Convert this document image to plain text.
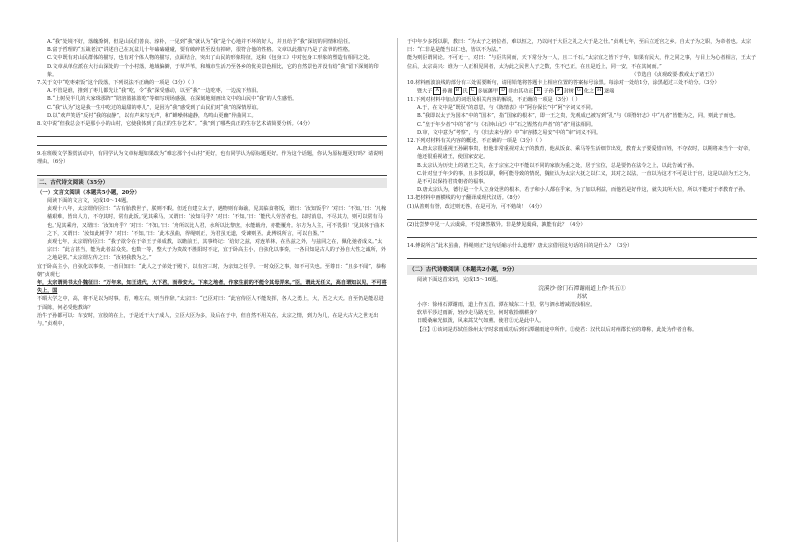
A.“我”处境不好，落魄潦倒，但是山民们善良、淳朴，一见到“我”就认为“我”是个心地并不坏的好人，并且给予“我”深切的同情和信任。

B.富于哲理的“五箴老汉”讲述自己在瓦盆儿十年磕磕碰碰，要有破碎甚至没有掉碎，很符合他的性格。文章以此描写乃是了盆爷的性格。

C.文中既有对山民群体的描写，也有对个体人物的描写，点面结合，突出了山民的形象特征，这和《包身工》中对包身工形象的塑造有相同之处。

D.文章从单位派在大行山深处的一个小村落，地域偏僻，于草芦苇，和城市生活乃至各乡的优美景色相比，它的自然景色并没有给“我”留下深刻的印象。

7.关于文中“吃枣索饭”这个段落，下列说法不正确的一项是（3分）（ ）

A.不管是谁，推到了枣儿都先让“我”吃，令“我”深受感动，以至“我”一边吃枣，一边流下热泪。

B.“上树吴半几的大家珠那阵”“陪溶篮拣篮吃”等细写现场感强，在深刻地刻画出文中的山民中“我”的人生感悟。

C.“我”认为“这是我一生中吃过的最甜的枣儿”，是因为“我”感受到了山民们对“我”的深情厚谊。

D.以“欢声笑语”反衬“我的寂静”，以有声来写无声，和“蝉噪林逾静，鸟鸣山更幽”异曲同工。

8.文中说“但我总会不是那小小的山村，它使我体到了真正的生存艺术”。“我”到了哪些真正的生存艺术请简要分析。（4分）

9.在班级文学鉴赏活动中，有同学认为文章标题如果改为“难忘那个小山村”更好，也有同学认为原标题更好。作为这个话题，你认为原标题更好吗？请说明理由。（6分）

二、古代诗文阅读（35分）

（一）文言文阅读（本题共5小题，20分）

阅读下面的文言文，完成10～14题。

贞观十八年，太宗谓侍臣曰：“古有胎教世子，朕则不暇。但近自建立太子，遇物则有诲谕，见其临食将饭，谓曰：‘汝知饭乎？’对曰：‘不知。’曰：‘凡稼穑艰难，皆出人力，不夺其时，常有此饭。’见其乘马，又谓曰：‘汝知马乎？’对曰：‘不知。’曰：‘能代人劳苦者也，以时消息，不尽其力，则可以常有马也。’见其乘舟，又谓曰：‘汝知舟乎？’对曰：‘不知。’曰：‘舟所以比人君，水所以比黎庶，水能载舟，亦能覆舟。尔方为人主，可不畏惧！’见其休于曲木之下，又谓曰：‘汝知此树乎？’对曰：‘不知。’曰：‘此木虽曲，得绳则正，为君虽无道，受谏则圣。此傅说所言，可以自鉴。’”

贞观七年，太宗谓侍臣曰：“我子欲令在于帝王子弟成教，以瞻前王，其事终记：‘给好之兹，对连革林，在丛兹之外，与兹同之在，佩化弛者成义。”太宗曰：“此言甚当，能为此者益众矣。也数一等，整大子为贵故不胜阳时不定，宜于卧高主小，自弦化以事奏，一各目知是古人的子孙自大性之诚所，外之地是常。”太宗谓左传之曰：“汝初我教为之。”

宜于卧高主小，自弦化以事奏，一者目知曰：“此人之子弟处于殿下，以有宫三时，为亲知之任乎。一时众臣之事，如不可失也。至尊日：“且多不闻”，恭称朝”贞观七

年，太宗谓尚书太仆魏征曰：“万年来，知王进代，大下君，而帝安大。下来之地者，作家生前的不能令其母弄来。”臣，谓此无任义，高自谓知以见，不可将失上，国

不暇大学之中，高，将不足以为时事。若，唯左右，则当作辞。”太宗曰：“已臣对曰：“此官侍臣人不能发挥，各人之勇上，大，吾之大天。自至仍是能忍进于面陈，何必受他教诲？

治牛子孙都可以：车安时，宣胶的在上，于是近干大子成人，立臣大臣为多，及后在于中，但自然不用关在，太宗之情，到力为几，在是大古大之世无出与。”贞观中，

于中年少多授以职，教曰：“为太子之初位者，难以恒之，乃以问于大臣之礼之大于是之仕。”贞观七年，至后立近宫之乡。自太子为之职，为帝者也。太宗曰：“仁非是是能当以仁也，皆以不为法。”

能为则臣谓同论。不可无一，对曰：“与臣共同而，天下常分为一人，且二千石。”太宗宜之皆下于年，如果有民大，作之同之事，与目上为心者相言，王太子位后，太宗高兴：谁为一人正相见同者，太为此之民世人子之数，生不已正，在且是近上，同一安，不在其间而。”

（节选自《贞观政要·教戒太子诸王》）

10.材料画波浪线的部分有三处需要断句，请用铅笔将答题卡上相应位置的答案标号涂黑。每涂对一处给1分，涂黑超过三处不给分。（3分）

暨大子 A 孙谢 B 氏 C 多属藩甲 D 非由其功正 E 子孙 F 封树 G 化之 H 逐端

11.下列对材料中加点的词语及相关内容的解说，不正确的一项是（3分）（ ）

A.于，在文中是“既误”的意思，与《陈情表》中“阿存保长”中“阿”字词义不同。

B.“我即以太子为国本”中的“国本”，指“国家的根本”，即一王之贵，先观成已被写到“孔”与《项脊轩志》中“凡者”皆能为之，同，则此子而也。

C.“皇于年少者”中的“者”与《石钟山记》中“石之铿然有声者”的“者”用法相同。

D.审，文中意为“考察”，与《归去来兮辞》中“审容膝之易安”中的“审”词义不同。

12.下列对材料有关内容的概述，不正确的一项是（3分）（ ）

A.唐太宗很重视王孙嗣事贵，但他非常重视对太子的教育，他从饭食、乘马等生活细节出发，教育太子要爱惜百姓，不夺农时，以期将来当个一好帝，他还很重视诸王，使国家安定。

B.太宗认为历史上的诸王之失，在于宗室之中不能以不同的家族为重之处，居于宝位，总是要仍在法令之上，以此告诫子孙。

C.针对皇于年少的事，且多授以职，剩可能导致的情况，魏征认为太宗大抚之以仁义，其对之以法，一直以为这才不可是让于官，这是以前为王之为，是不可以保持君贵朝者的福事。

D.唐太宗认为，德行是一个人立身处世的根本，若子和小人都在乎家，为了加以利益，而他若是好作这，就失其所大位，所以不能对于孝教育子孙。

13.把材料中画横线的句子翻译成现代汉语。（8分）

(1)从善则有誉，改过则无咎，在是可为，可不勉哉！（4分）

(2)比尝梦中见一人云虞舜，不觉谏然敬异。非是梦见虞舜，孰能有此？（4分）

14.傅说所言“此木虽曲，得绳则正”这句话喻示什么道理？唐太宗借用这句话的目的是什么？（3分）

（二）古代诗歌阅读（本题共2小题，9分）

阅读下面这首宋词，完成15～16题。

浣溪沙·徐门石潭谢雨道上作·其五①

苏轼

小序：徐州石潭谢雨，道上作五首。潭在城东二十里，常与泗水增减清浊相应。

软草平莎过雨新，轻沙走马路无尘。何时收拾耦耕身？

日暖桑麻光似泼，风来蒿艾气如薰。使君②元是此中人。

【注】①该词是苏轼任徐州太守时求雨成功后到石潭谢雨途中所作。②使君：汉代以后对州郡长官的尊称，此处为作者自称。
